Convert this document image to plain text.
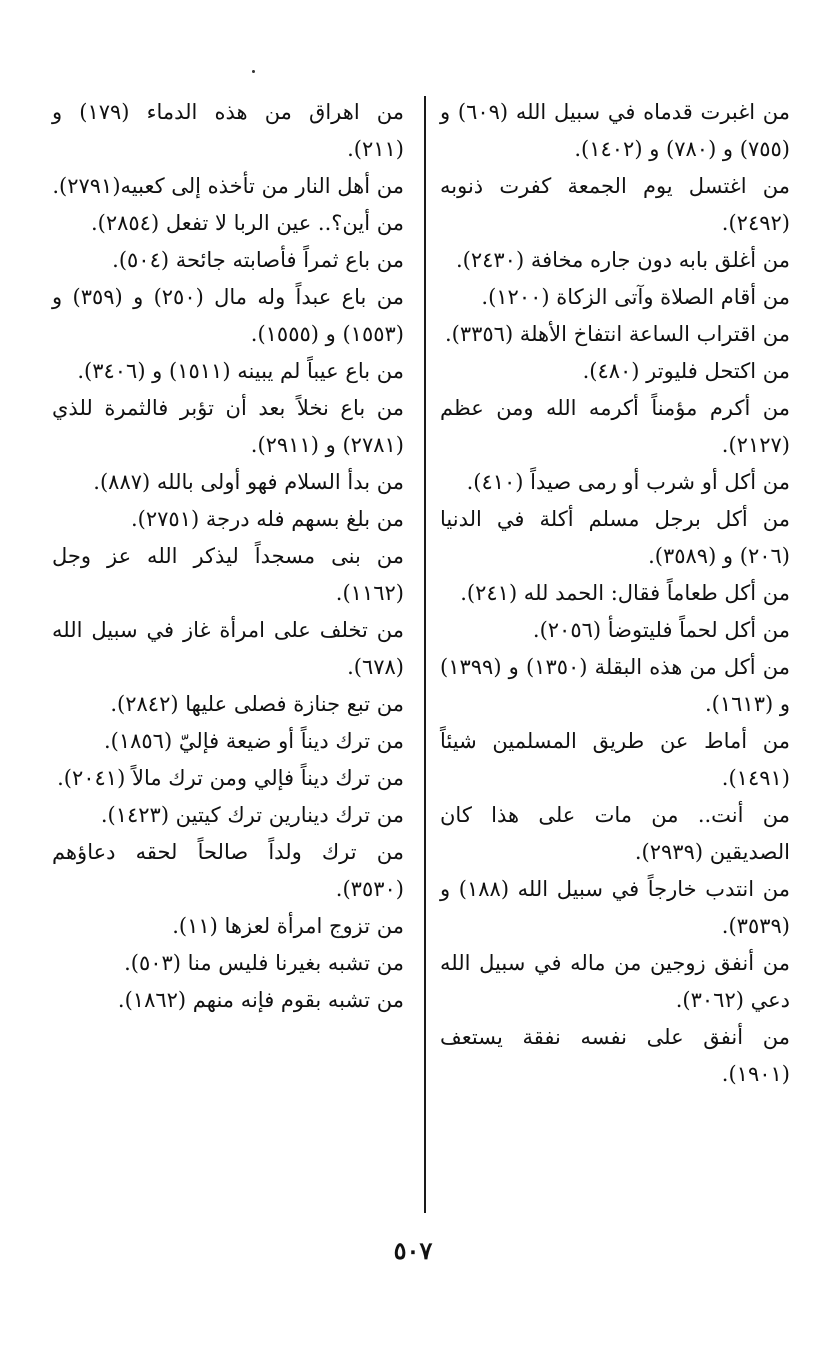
من اغبرت قدماه في سبيل الله (٦٠٩) و (٧٥٥) و (٧٨٠) و (١٤٠٢).

من اغتسل يوم الجمعة كفرت ذنوبه (٢٤٩٢).

من أغلق بابه دون جاره مخافة (٢٤٣٠).

من أقام الصلاة وآتى الزكاة (١٢٠٠).

من اقتراب الساعة انتفاخ الأهلة (٣٣٥٦).

من اكتحل فليوتر (٤٨٠).

من أكرم مؤمناً أكرمه الله ومن عظم (٢١٢٧).

من أكل أو شرب أو رمى صيداً (٤١٠).

من أكل برجل مسلم أكلة في الدنيا (٢٠٦) و (٣٥٨٩).

من أكل طعاماً فقال: الحمد لله (٢٤١).

من أكل لحماً فليتوضأ (٢٠٥٦).

من أكل من هذه البقلة (١٣٥٠) و (١٣٩٩) و (١٦١٣).

من أماط عن طريق المسلمين شيئاً (١٤٩١).

من أنت.. من مات على هذا كان الصديقين (٢٩٣٩).

من انتدب خارجاً في سبيل الله (١٨٨) و (٣٥٣٩).

من أنفق زوجين من ماله في سبيل الله دعي (٣٠٦٢).

من أنفق على نفسه نفقة يستعف (١٩٠١).

من اهراق من هذه الدماء (١٧٩) و (٢١١).

من أهل النار من تأخذه إلى كعبيه(٢٧٩١).

من أين؟.. عين الربا لا تفعل (٢٨٥٤).

من باع ثمراً فأصابته جائحة (٥٠٤).

من باع عبداً وله مال (٢٥٠) و (٣٥٩) و (١٥٥٣) و (١٥٥٥).

من باع عيباً لم يبينه (١٥١١) و (٣٤٠٦).

من باع نخلاً بعد أن تؤبر فالثمرة للذي (٢٧٨١) و (٢٩١١).

من بدأ السلام فهو أولى بالله (٨٨٧).

من بلغ بسهم فله درجة (٢٧٥١).

من بنى مسجداً ليذكر الله عز وجل (١١٦٢).

من تخلف على امرأة غاز في سبيل الله (٦٧٨).

من تبع جنازة فصلى عليها (٢٨٤٢).

من ترك ديناً أو ضيعة فإليّ (١٨٥٦).

من ترك ديناً فإلي ومن ترك مالاً (٢٠٤١).

من ترك دينارين ترك كيتين (١٤٢٣).

من ترك ولداً صالحاً لحقه دعاؤهم (٣٥٣٠).

من تزوج امرأة لعزها (١١).

من تشبه بغيرنا فليس منا (٥٠٣).

من تشبه بقوم فإنه منهم (١٨٦٢).

٥٠٧
